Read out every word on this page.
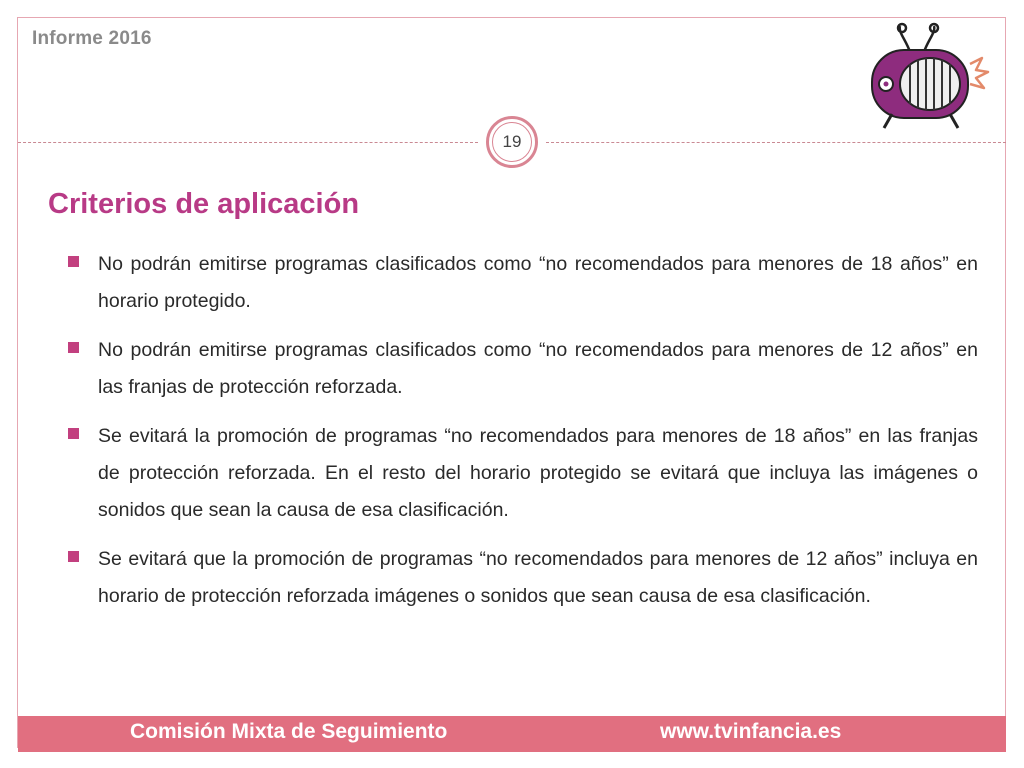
Informe 2016
19
Criterios de aplicación
No podrán emitirse programas clasificados como “no recomendados para menores de 18 años” en horario protegido.
No podrán emitirse programas clasificados como “no recomendados para menores de 12 años” en las franjas de protección reforzada.
Se evitará la promoción de programas “no recomendados para menores de 18 años” en las franjas de protección reforzada. En el resto del horario protegido se evitará que incluya las imágenes o sonidos que sean la causa de esa clasificación.
Se evitará que la promoción de programas “no recomendados para menores de 12 años” incluya en horario de protección reforzada imágenes o sonidos que sean causa de esa clasificación.
Comisión Mixta de Seguimiento	www.tvinfancia.es
